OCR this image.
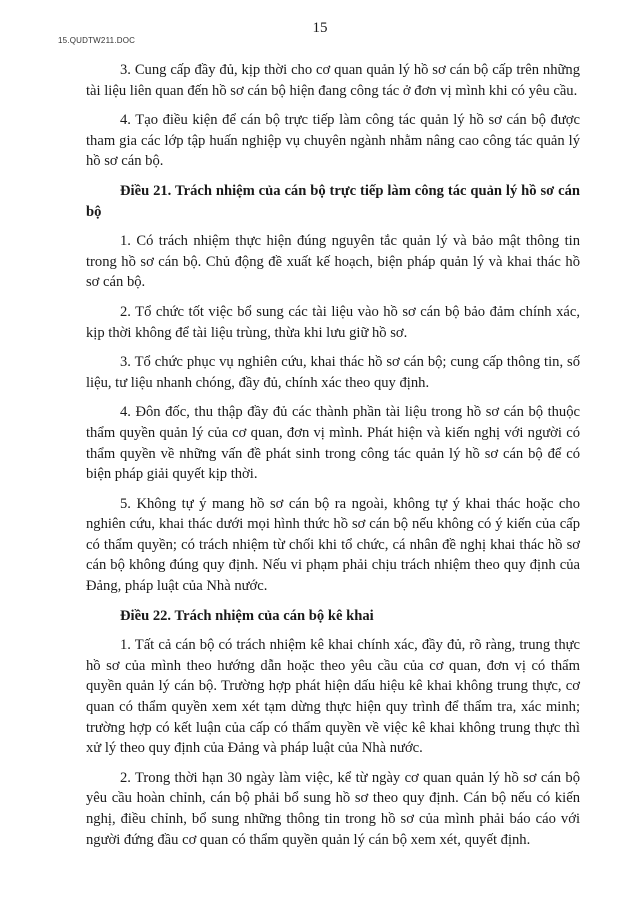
15.QUDTW211.DOC
15

3. Cung cấp đầy đủ, kịp thời cho cơ quan quản lý hồ sơ cán bộ cấp trên những tài liệu liên quan đến hồ sơ cán bộ hiện đang công tác ở đơn vị mình khi có yêu cầu.

4. Tạo điều kiện để cán bộ trực tiếp làm công tác quản lý hồ sơ cán bộ được tham gia các lớp tập huấn nghiệp vụ chuyên ngành nhằm nâng cao công tác quản lý hồ sơ cán bộ.

Điều 21. Trách nhiệm của cán bộ trực tiếp làm công tác quản lý hồ sơ cán bộ

1. Có trách nhiệm thực hiện đúng nguyên tắc quản lý và bảo mật thông tin trong hồ sơ cán bộ. Chủ động đề xuất kế hoạch, biện pháp quản lý và khai thác hồ sơ cán bộ.

2. Tổ chức tốt việc bổ sung các tài liệu vào hồ sơ cán bộ bảo đảm chính xác, kịp thời không để tài liệu trùng, thừa khi lưu giữ hồ sơ.

3. Tổ chức phục vụ nghiên cứu, khai thác hồ sơ cán bộ; cung cấp thông tin, số liệu, tư liệu nhanh chóng, đầy đủ, chính xác theo quy định.

4. Đôn đốc, thu thập đầy đủ các thành phần tài liệu trong hồ sơ cán bộ thuộc thẩm quyền quản lý của cơ quan, đơn vị mình. Phát hiện và kiến nghị với người có thẩm quyền về những vấn đề phát sinh trong công tác quản lý hồ sơ cán bộ để có biện pháp giải quyết kịp thời.

5. Không tự ý mang hồ sơ cán bộ ra ngoài, không tự ý khai thác hoặc cho nghiên cứu, khai thác dưới mọi hình thức hồ sơ cán bộ nếu không có ý kiến của cấp có thẩm quyền; có trách nhiệm từ chối khi tổ chức, cá nhân đề nghị khai thác hồ sơ cán bộ không đúng quy định. Nếu vi phạm phải chịu trách nhiệm theo quy định của Đảng, pháp luật của Nhà nước.

Điều 22. Trách nhiệm của cán bộ kê khai

1. Tất cả cán bộ có trách nhiệm kê khai chính xác, đầy đủ, rõ ràng, trung thực hồ sơ của mình theo hướng dẫn hoặc theo yêu cầu của cơ quan, đơn vị có thẩm quyền quản lý cán bộ. Trường hợp phát hiện dấu hiệu kê khai không trung thực, cơ quan có thẩm quyền xem xét tạm dừng thực hiện quy trình để thẩm tra, xác minh; trường hợp có kết luận của cấp có thẩm quyền về việc kê khai không trung thực thì xử lý theo quy định của Đảng và pháp luật của Nhà nước.

2. Trong thời hạn 30 ngày làm việc, kể từ ngày cơ quan quản lý hồ sơ cán bộ yêu cầu hoàn chỉnh, cán bộ phải bổ sung hồ sơ theo quy định. Cán bộ nếu có kiến nghị, điều chỉnh, bổ sung những thông tin trong hồ sơ của mình phải báo cáo với người đứng đầu cơ quan có thẩm quyền quản lý cán bộ xem xét, quyết định.
